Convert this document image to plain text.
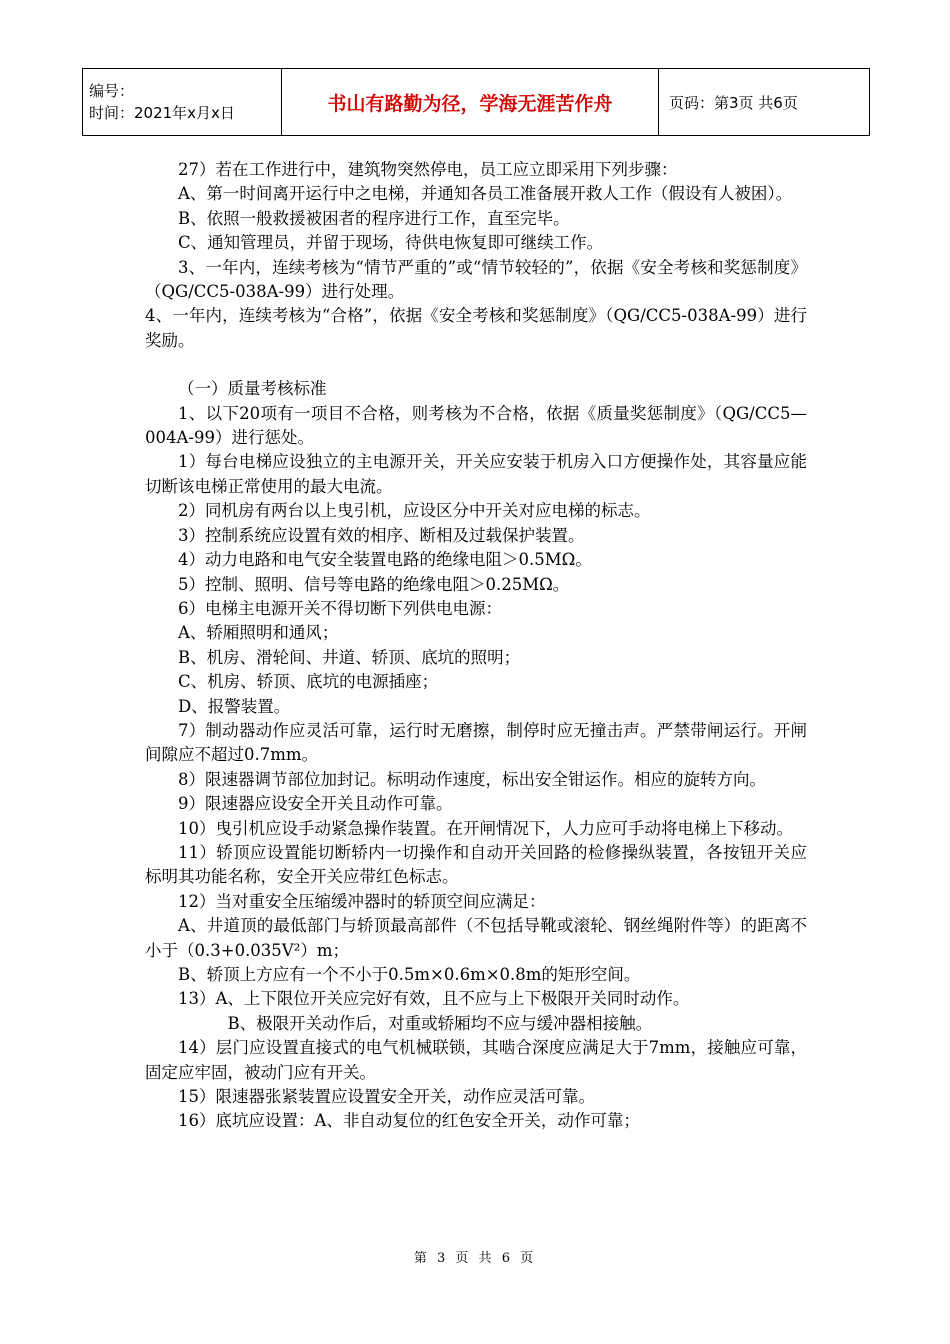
编号：
时间：2021年x月x日	书山有路勤为径，学海无涯苦作舟	页码：第3页 共6页

27）若在工作进行中，建筑物突然停电，员工应立即采用下列步骤：

A、第一时间离开运行中之电梯，并通知各员工准备展开救人工作（假设有人被困）。

B、依照一般救援被困者的程序进行工作，直至完毕。

C、通知管理员，并留于现场，待供电恢复即可继续工作。

3、一年内，连续考核为“情节严重的”或“情节较轻的”，依据《安全考核和奖惩制度》（QG/CC5-038A-99）进行处理。

4、一年内，连续考核为“合格”，依据《安全考核和奖惩制度》（QG/CC5-038A-99）进行奖励。

（一）质量考核标准

1、以下20项有一项目不合格，则考核为不合格，依据《质量奖惩制度》（QG/CC5—004A-99）进行惩处。

1）每台电梯应设独立的主电源开关，开关应安装于机房入口方便操作处，其容量应能切断该电梯正常使用的最大电流。

2）同机房有两台以上曳引机，应设区分中开关对应电梯的标志。

3）控制系统应设置有效的相序、断相及过载保护装置。

4）动力电路和电气安全装置电路的绝缘电阻＞0.5MΩ。

5）控制、照明、信号等电路的绝缘电阻＞0.25MΩ。

6）电梯主电源开关不得切断下列供电电源：

A、轿厢照明和通风；

B、机房、滑轮间、井道、轿顶、底坑的照明；

C、机房、轿顶、底坑的电源插座；

D、报警装置。

7）制动器动作应灵活可靠，运行时无磨擦，制停时应无撞击声。严禁带闸运行。开闸间隙应不超过0.7mm。

8）限速器调节部位加封记。标明动作速度，标出安全钳运作。相应的旋转方向。

9）限速器应设安全开关且动作可靠。

10）曳引机应设手动紧急操作装置。在开闸情况下，人力应可手动将电梯上下移动。

11）轿顶应设置能切断轿内一切操作和自动开关回路的检修操纵装置，各按钮开关应标明其功能名称，安全开关应带红色标志。

12）当对重安全压缩缓冲器时的轿顶空间应满足：

A、井道顶的最低部门与轿顶最高部件（不包括导靴或滚轮、钢丝绳附件等）的距离不小于（0.3+0.035V²）m；

B、轿顶上方应有一个不小于0.5m×0.6m×0.8m的矩形空间。

13）A、上下限位开关应完好有效，且不应与上下极限开关同时动作。

B、极限开关动作后，对重或轿厢均不应与缓冲器相接触。

14）层门应设置直接式的电气机械联锁，其啮合深度应满足大于7mm，接触应可靠，固定应牢固，被动门应有开关。

15）限速器张紧装置应设置安全开关，动作应灵活可靠。

16）底坑应设置：A、非自动复位的红色安全开关，动作可靠；

第 3 页 共 6 页
